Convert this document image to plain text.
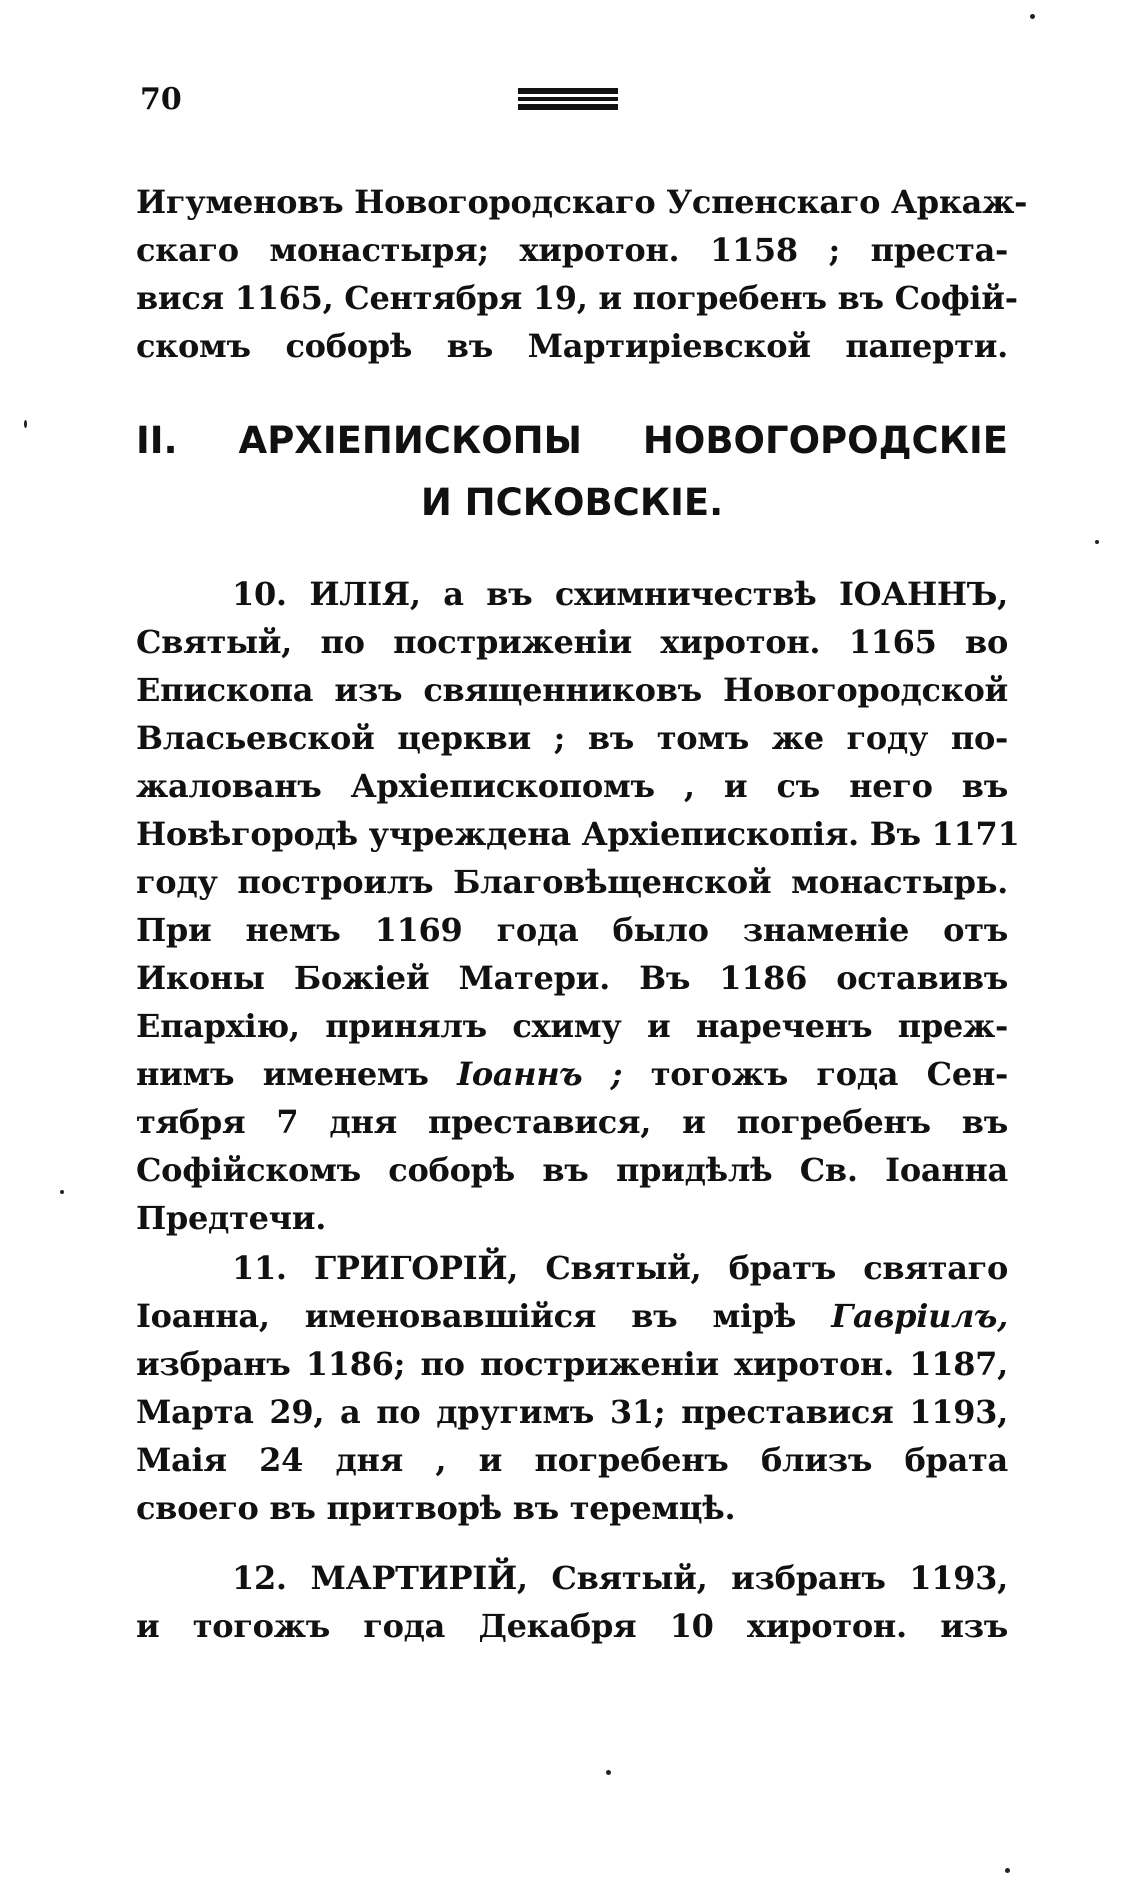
70
Игуменовъ Новогородскаго Успенскаго Аркаж-
скаго монастыря; хиротон. 1158 ; преста-
вися 1165, Сентября 19, и погребенъ въ Софій-
скомъ соборѣ въ Мартиріевской паперти.
II. АРХІЕПИСКОПЫ НОВОГОРОДСКІЕ
И ПСКОВСКІЕ.
10. ИЛІЯ, а въ схимничествѣ ІОАННЪ,
Святый, по постриженіи хиротон. 1165 во
Епископа изъ священниковъ Новогородской
Власьевской церкви ; въ томъ же году по-
жалованъ Архіепископомъ , и съ него въ
Новѣгородѣ учреждена Архіепископія. Въ 1171
году построилъ Благовѣщенской монастырь.
При немъ 1169 года было знаменіе отъ
Иконы Божіей Матери. Въ 1186 оставивъ
Епархію, принялъ схиму и нареченъ преж-
нимъ именемъ Іоаннъ ; тогожъ года Сен-
тября 7 дня преставися, и погребенъ въ
Софійскомъ соборѣ въ придѣлѣ Св. Іоанна
Предтечи.
11. ГРИГОРІЙ, Святый, братъ святаго
Іоанна, именовавшійся въ мірѣ Гавріилъ,
избранъ 1186; по постриженіи хиротон. 1187,
Марта 29, а по другимъ 31; преставися 1193,
Маія 24 дня , и погребенъ близъ брата
своего въ притворѣ въ теремцѣ.
12. МАРТИРІЙ, Святый, избранъ 1193,
и тогожъ года Декабря 10 хиротон. изъ
